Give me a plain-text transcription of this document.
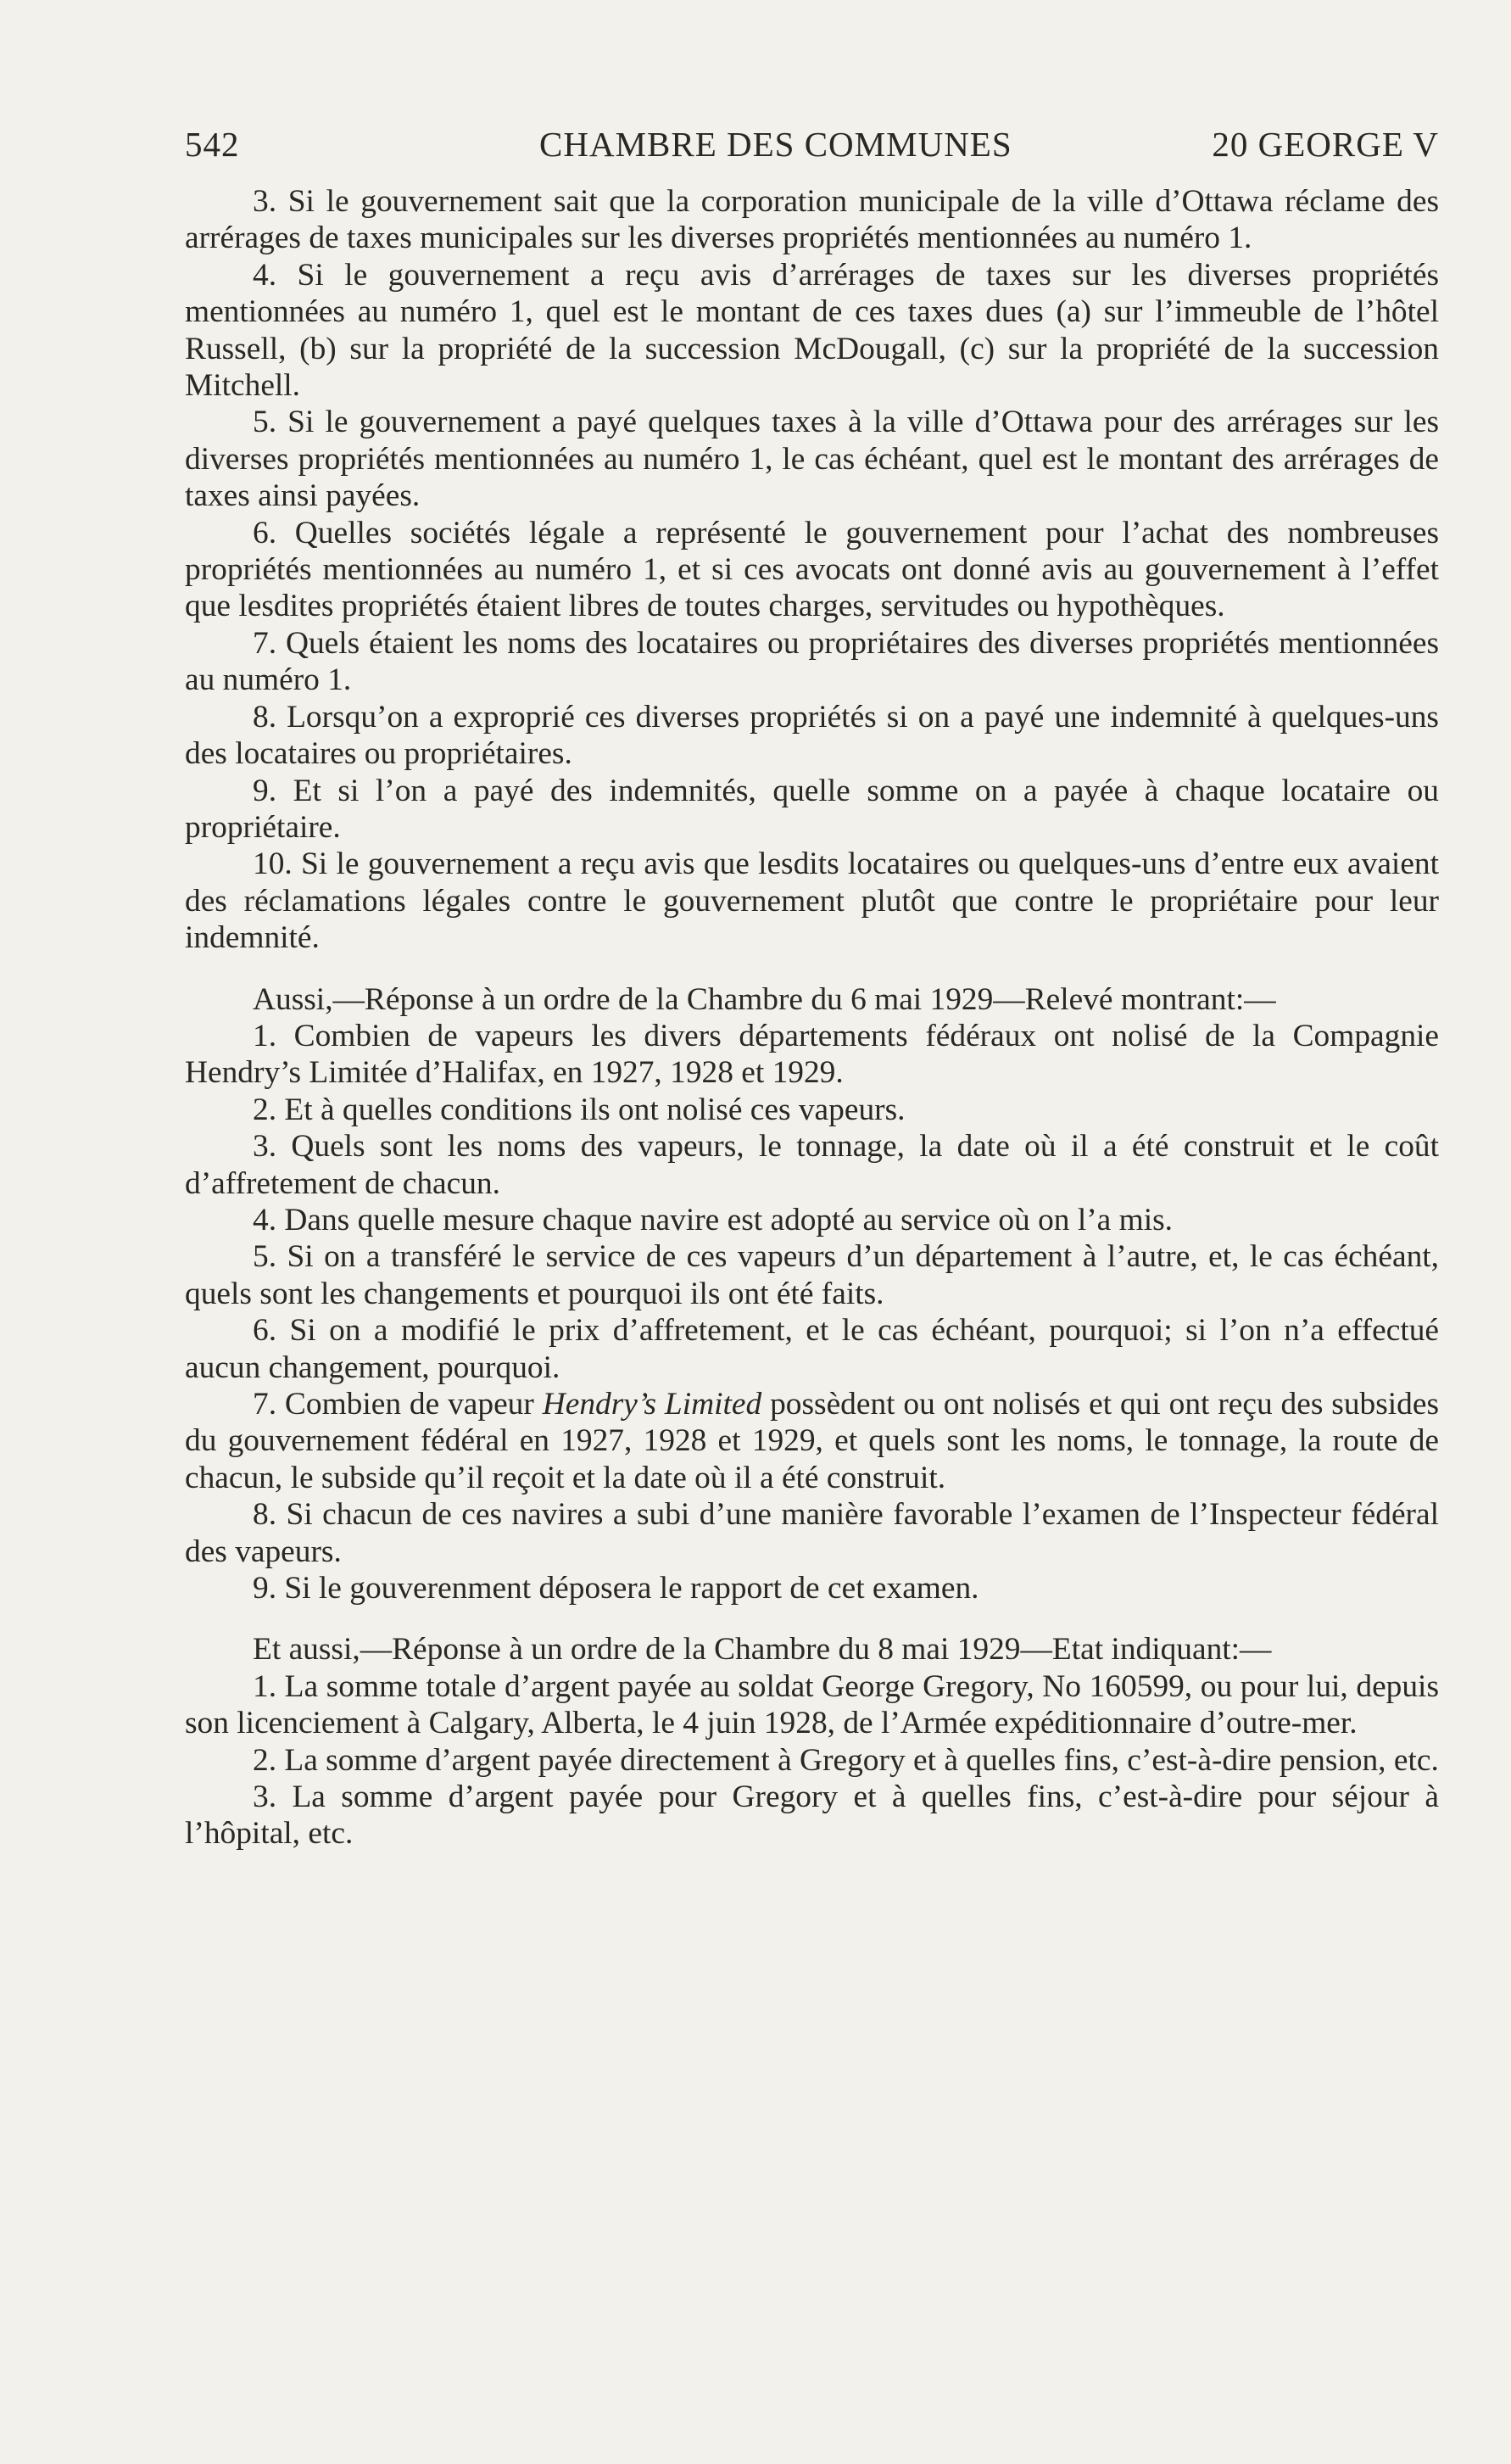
542	CHAMBRE DES COMMUNES	20 GEORGE V

3. Si le gouvernement sait que la corporation municipale de la ville d’Ottawa réclame des arrérages de taxes municipales sur les diverses propriétés mentionnées au numéro 1.

4. Si le gouvernement a reçu avis d’arrérages de taxes sur les diverses propriétés mentionnées au numéro 1, quel est le montant de ces taxes dues (a) sur l’immeuble de l’hôtel Russell, (b) sur la propriété de la succession McDougall, (c) sur la propriété de la succession Mitchell.

5. Si le gouvernement a payé quelques taxes à la ville d’Ottawa pour des arrérages sur les diverses propriétés mentionnées au numéro 1, le cas échéant, quel est le montant des arrérages de taxes ainsi payées.

6. Quelles sociétés légale a représenté le gouvernement pour l’achat des nombreuses propriétés mentionnées au numéro 1, et si ces avocats ont donné avis au gouvernement à l’effet que lesdites propriétés étaient libres de toutes charges, servitudes ou hypothèques.

7. Quels étaient les noms des locataires ou propriétaires des diverses propriétés mentionnées au numéro 1.

8. Lorsqu’on a exproprié ces diverses propriétés si on a payé une indemnité à quelques-uns des locataires ou propriétaires.

9. Et si l’on a payé des indemnités, quelle somme on a payée à chaque locataire ou propriétaire.

10. Si le gouvernement a reçu avis que lesdits locataires ou quelques-uns d’entre eux avaient des réclamations légales contre le gouvernement plutôt que contre le propriétaire pour leur indemnité.

Aussi,—Réponse à un ordre de la Chambre du 6 mai 1929—Relevé montrant:—

1. Combien de vapeurs les divers départements fédéraux ont nolisé de la Compagnie Hendry’s Limitée d’Halifax, en 1927, 1928 et 1929.

2. Et à quelles conditions ils ont nolisé ces vapeurs.

3. Quels sont les noms des vapeurs, le tonnage, la date où il a été construit et le coût d’affretement de chacun.

4. Dans quelle mesure chaque navire est adopté au service où on l’a mis.

5. Si on a transféré le service de ces vapeurs d’un département à l’autre, et, le cas échéant, quels sont les changements et pourquoi ils ont été faits.

6. Si on a modifié le prix d’affretement, et le cas échéant, pourquoi; si l’on n’a effectué aucun changement, pourquoi.

7. Combien de vapeur Hendry’s Limited possèdent ou ont nolisés et qui ont reçu des subsides du gouvernement fédéral en 1927, 1928 et 1929, et quels sont les noms, le tonnage, la route de chacun, le subside qu’il reçoit et la date où il a été construit.

8. Si chacun de ces navires a subi d’une manière favorable l’examen de l’Inspecteur fédéral des vapeurs.

9. Si le gouverenment déposera le rapport de cet examen.

Et aussi,—Réponse à un ordre de la Chambre du 8 mai 1929—Etat indiquant:—

1. La somme totale d’argent payée au soldat George Gregory, No 160599, ou pour lui, depuis son licenciement à Calgary, Alberta, le 4 juin 1928, de l’Armée expéditionnaire d’outre-mer.

2. La somme d’argent payée directement à Gregory et à quelles fins, c’est-à-dire pension, etc.

3. La somme d’argent payée pour Gregory et à quelles fins, c’est-à-dire pour séjour à l’hôpital, etc.
